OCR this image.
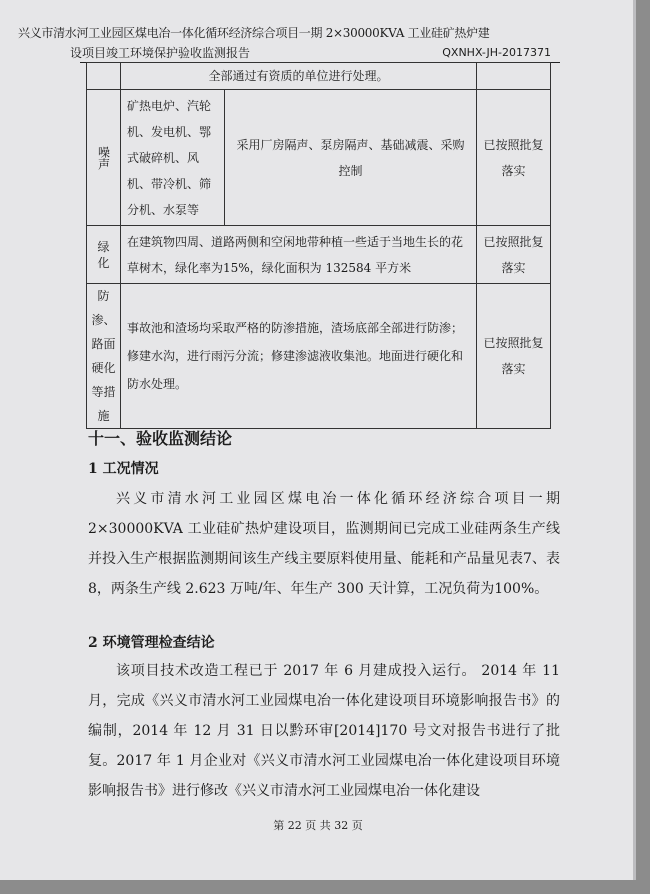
兴义市清水河工业园区煤电冶一体化循环经济综合项目一期 2×30000KVA 工业硅矿热炉建
设项目竣工环境保护验收监测报告	QXNHX-JH-2017371
	全部通过有资质的单位进行处理。		

噪声	矿热电炉、汽轮机、发电机、鄂式破碎机、风机、带冷机、筛分机、水泵等	采用厂房隔声、泵房隔声、基础减震、采购控制	已按照批复落实

绿化	在建筑物四周、道路两侧和空闲地带种植一些适于当地生长的花草树木，绿化率为15%，绿化面积为 132584 平方米		已按照批复落实

防渗、路面硬化等措施	事故池和渣场均采取严格的防渗措施，渣场底部全部进行防渗；修建水沟，进行雨污分流；修建渗滤液收集池。地面进行硬化和防水处理。		已按照批复落实
十一、验收监测结论
1 工况情况

兴义市清水河工业园区煤电冶一体化循环经济综合项目一期 2×30000KVA 工业硅矿热炉建设项目，监测期间已完成工业硅两条生产线并投入生产根据监测期间该生产线主要原料使用量、能耗和产品量见表7、表 8，两条生产线 2.623 万吨/年、年生产 300 天计算，工况负荷为100%。

2 环境管理检查结论

该项目技术改造工程已于 2017 年 6 月建成投入运行。 2014 年 11 月，完成《兴义市清水河工业园煤电冶一体化建设项目环境影响报告书》的编制，2014 年 12 月 31 日以黔环审[2014]170 号文对报告书进行了批复。2017 年 1 月企业对《兴义市清水河工业园煤电冶一体化建设项目环境影响报告书》进行修改《兴义市清水河工业园煤电冶一体化建设

第 22 页 共 32 页
